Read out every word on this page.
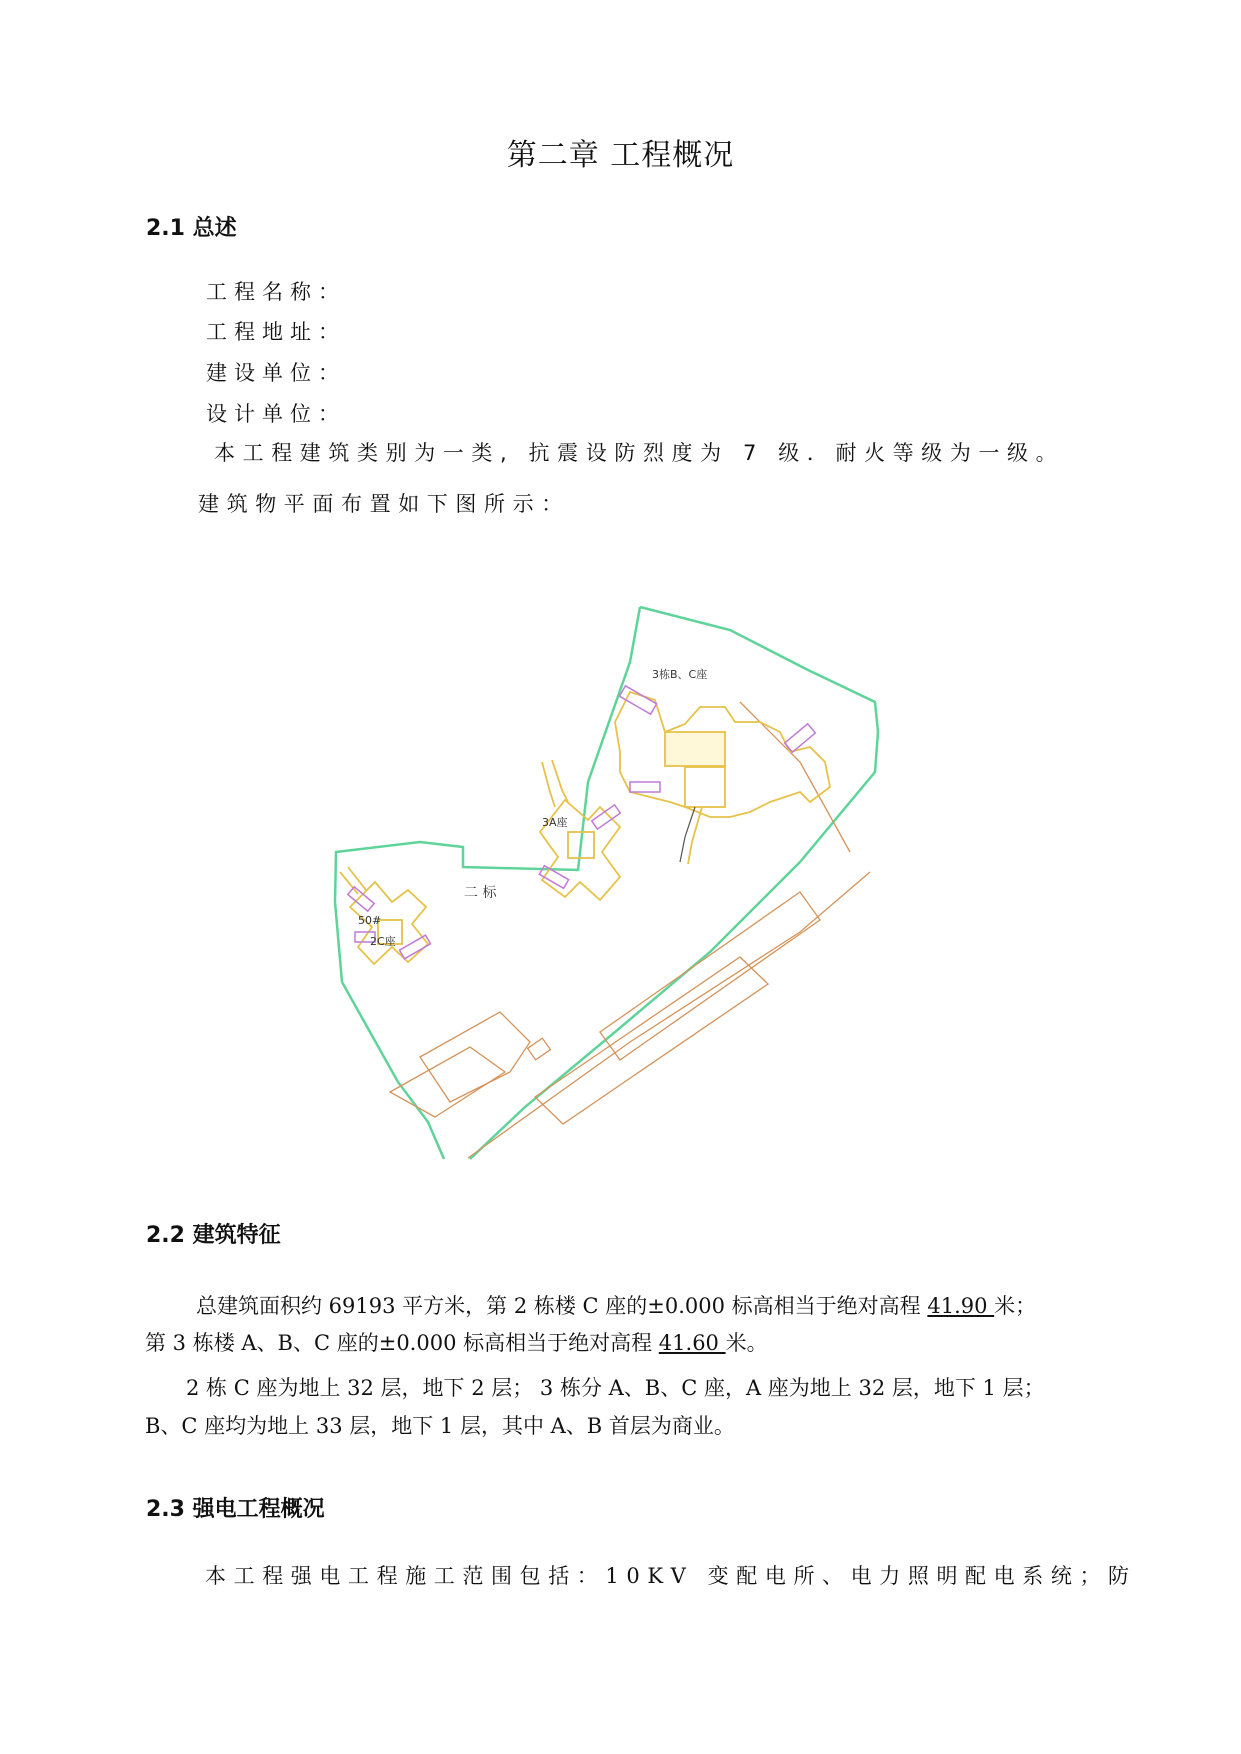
第二章 工程概况
2.1 总述
工程名称：
工程地址：
建设单位：
设计单位：
本工程建筑类别为一类, 抗震设防烈度为 7 级．耐火等级为一级。
建筑物平面布置如下图所示：
3栋B、C座
3A座
二 标
50#
2C座
2.2 建筑特征
总建筑面积约 69193 平方米，第 2 栋楼 C 座的±0.000 标高相当于绝对高程 41.90 米；
第 3 栋楼 A、B、C 座的±0.000 标高相当于绝对高程 41.60 米。
2 栋 C 座为地上 32 层，地下 2 层； 3 栋分 A、B、C 座，A 座为地上 32 层，地下 1 层；
B、C 座均为地上 33 层，地下 1 层，其中 A、B 首层为商业。
2.3 强电工程概况
本工程强电工程施工范围包括：10KV 变配电所、电力照明配电系统；防
